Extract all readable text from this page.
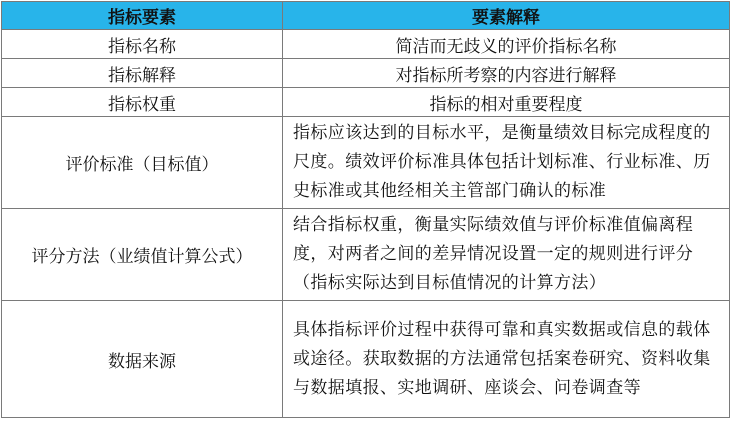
指标要素	要素解释
指标名称	简洁而无歧义的评价指标名称
指标解释	对指标所考察的内容进行解释
指标权重	指标的相对重要程度
评价标准（目标值）	指标应该达到的目标水平，是衡量绩效目标完成程度的尺度。绩效评价标准具体包括计划标准、行业标准、历史标准或其他经相关主管部门确认的标准
评分方法（业绩值计算公式）	结合指标权重，衡量实际绩效值与评价标准值偏离程度，对两者之间的差异情况设置一定的规则进行评分（指标实际达到目标值情况的计算方法）
数据来源	具体指标评价过程中获得可靠和真实数据或信息的载体或途径。获取数据的方法通常包括案卷研究、资料收集与数据填报、实地调研、座谈会、问卷调查等
